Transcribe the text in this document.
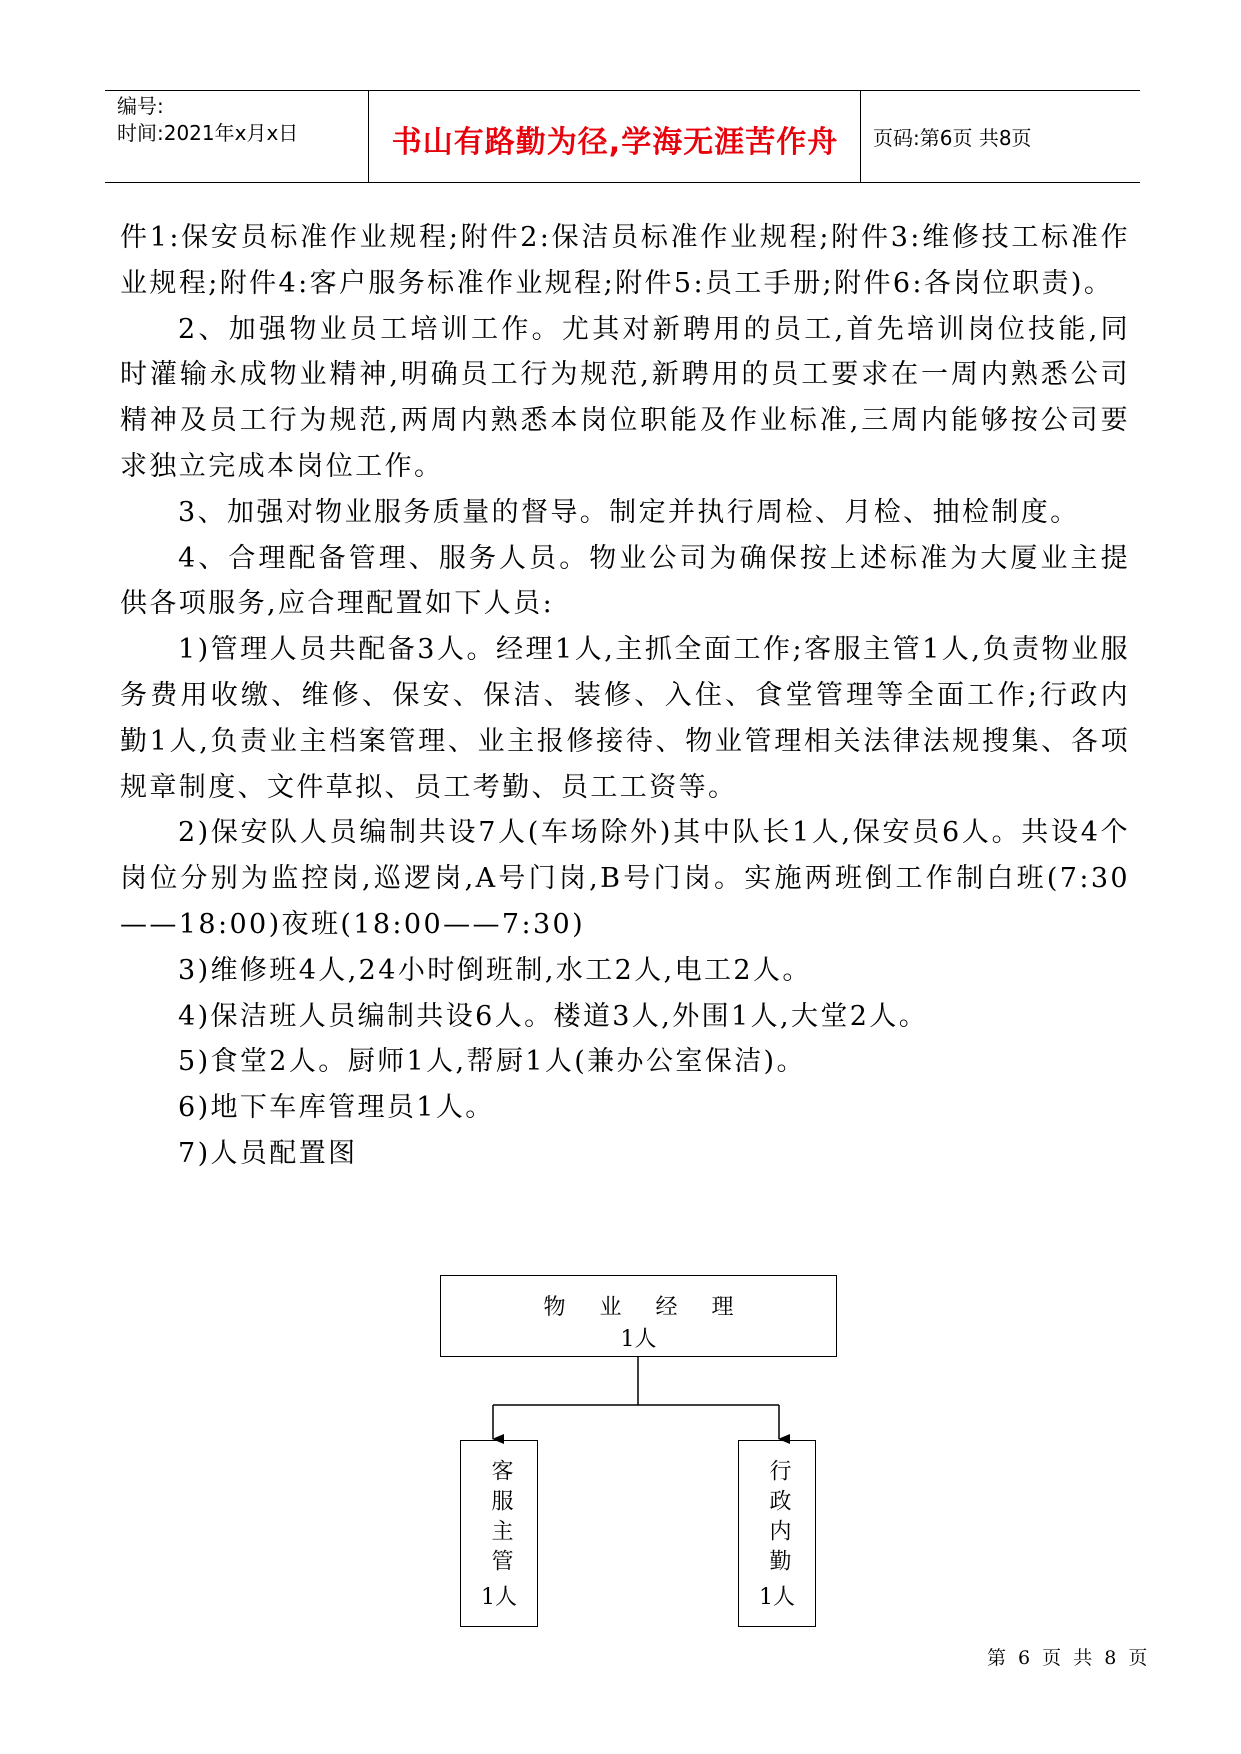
编号:
时间:2021年x月x日	书山有路勤为径,学海无涯苦作舟	页码:第6页 共8页

件1:保安员标准作业规程;附件2:保洁员标准作业规程;附件3:维修技工标准作业规程;附件4:客户服务标准作业规程;附件5:员工手册;附件6:各岗位职责)。

2、加强物业员工培训工作。尤其对新聘用的员工,首先培训岗位技能,同时灌输永成物业精神,明确员工行为规范,新聘用的员工要求在一周内熟悉公司精神及员工行为规范,两周内熟悉本岗位职能及作业标准,三周内能够按公司要求独立完成本岗位工作。

3、加强对物业服务质量的督导。制定并执行周检、月检、抽检制度。

4、合理配备管理、服务人员。物业公司为确保按上述标准为大厦业主提供各项服务,应合理配置如下人员:

1)管理人员共配备3人。经理1人,主抓全面工作;客服主管1人,负责物业服务费用收缴、维修、保安、保洁、装修、入住、食堂管理等全面工作;行政内勤1人,负责业主档案管理、业主报修接待、物业管理相关法律法规搜集、各项规章制度、文件草拟、员工考勤、员工工资等。

2)保安队人员编制共设7人(车场除外)其中队长1人,保安员6人。共设4个岗位分别为监控岗,巡逻岗,A号门岗,B号门岗。实施两班倒工作制白班(7:30——18:00)夜班(18:00——7:30)

3)维修班4人,24小时倒班制,水工2人,电工2人。

4)保洁班人员编制共设6人。楼道3人,外围1人,大堂2人。

5)食堂2人。厨师1人,帮厨1人(兼办公室保洁)。

6)地下车库管理员1人。

7)人员配置图

物业经理
1人
客服主管
1人
行政内勤
1人
第 6 页 共 8 页
